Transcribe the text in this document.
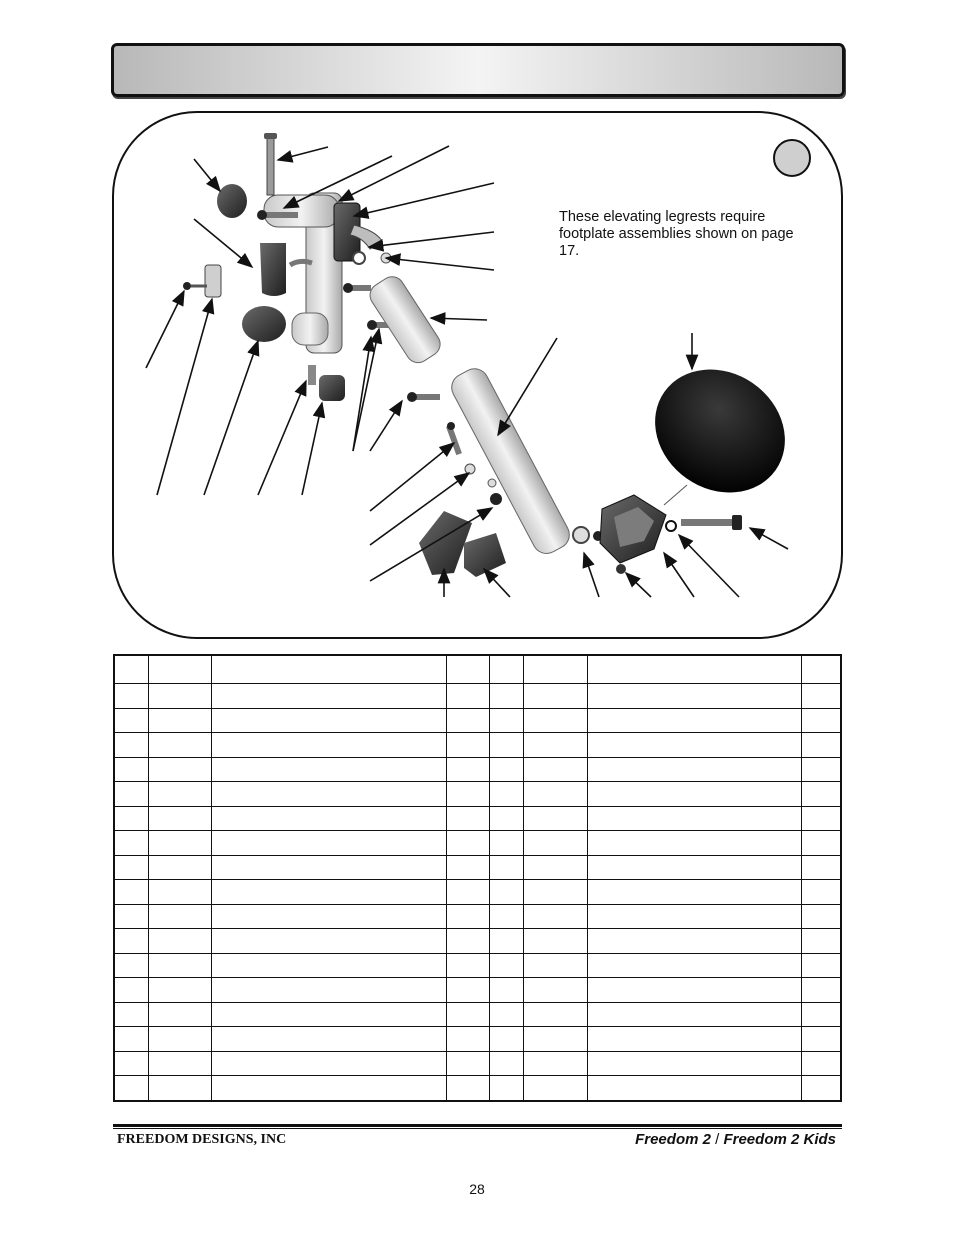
These elevating legrests require footplate assemblies shown on page 17.

FREEDOM DESIGNS, INC	Freedom 2 / Freedom 2 Kids
28
